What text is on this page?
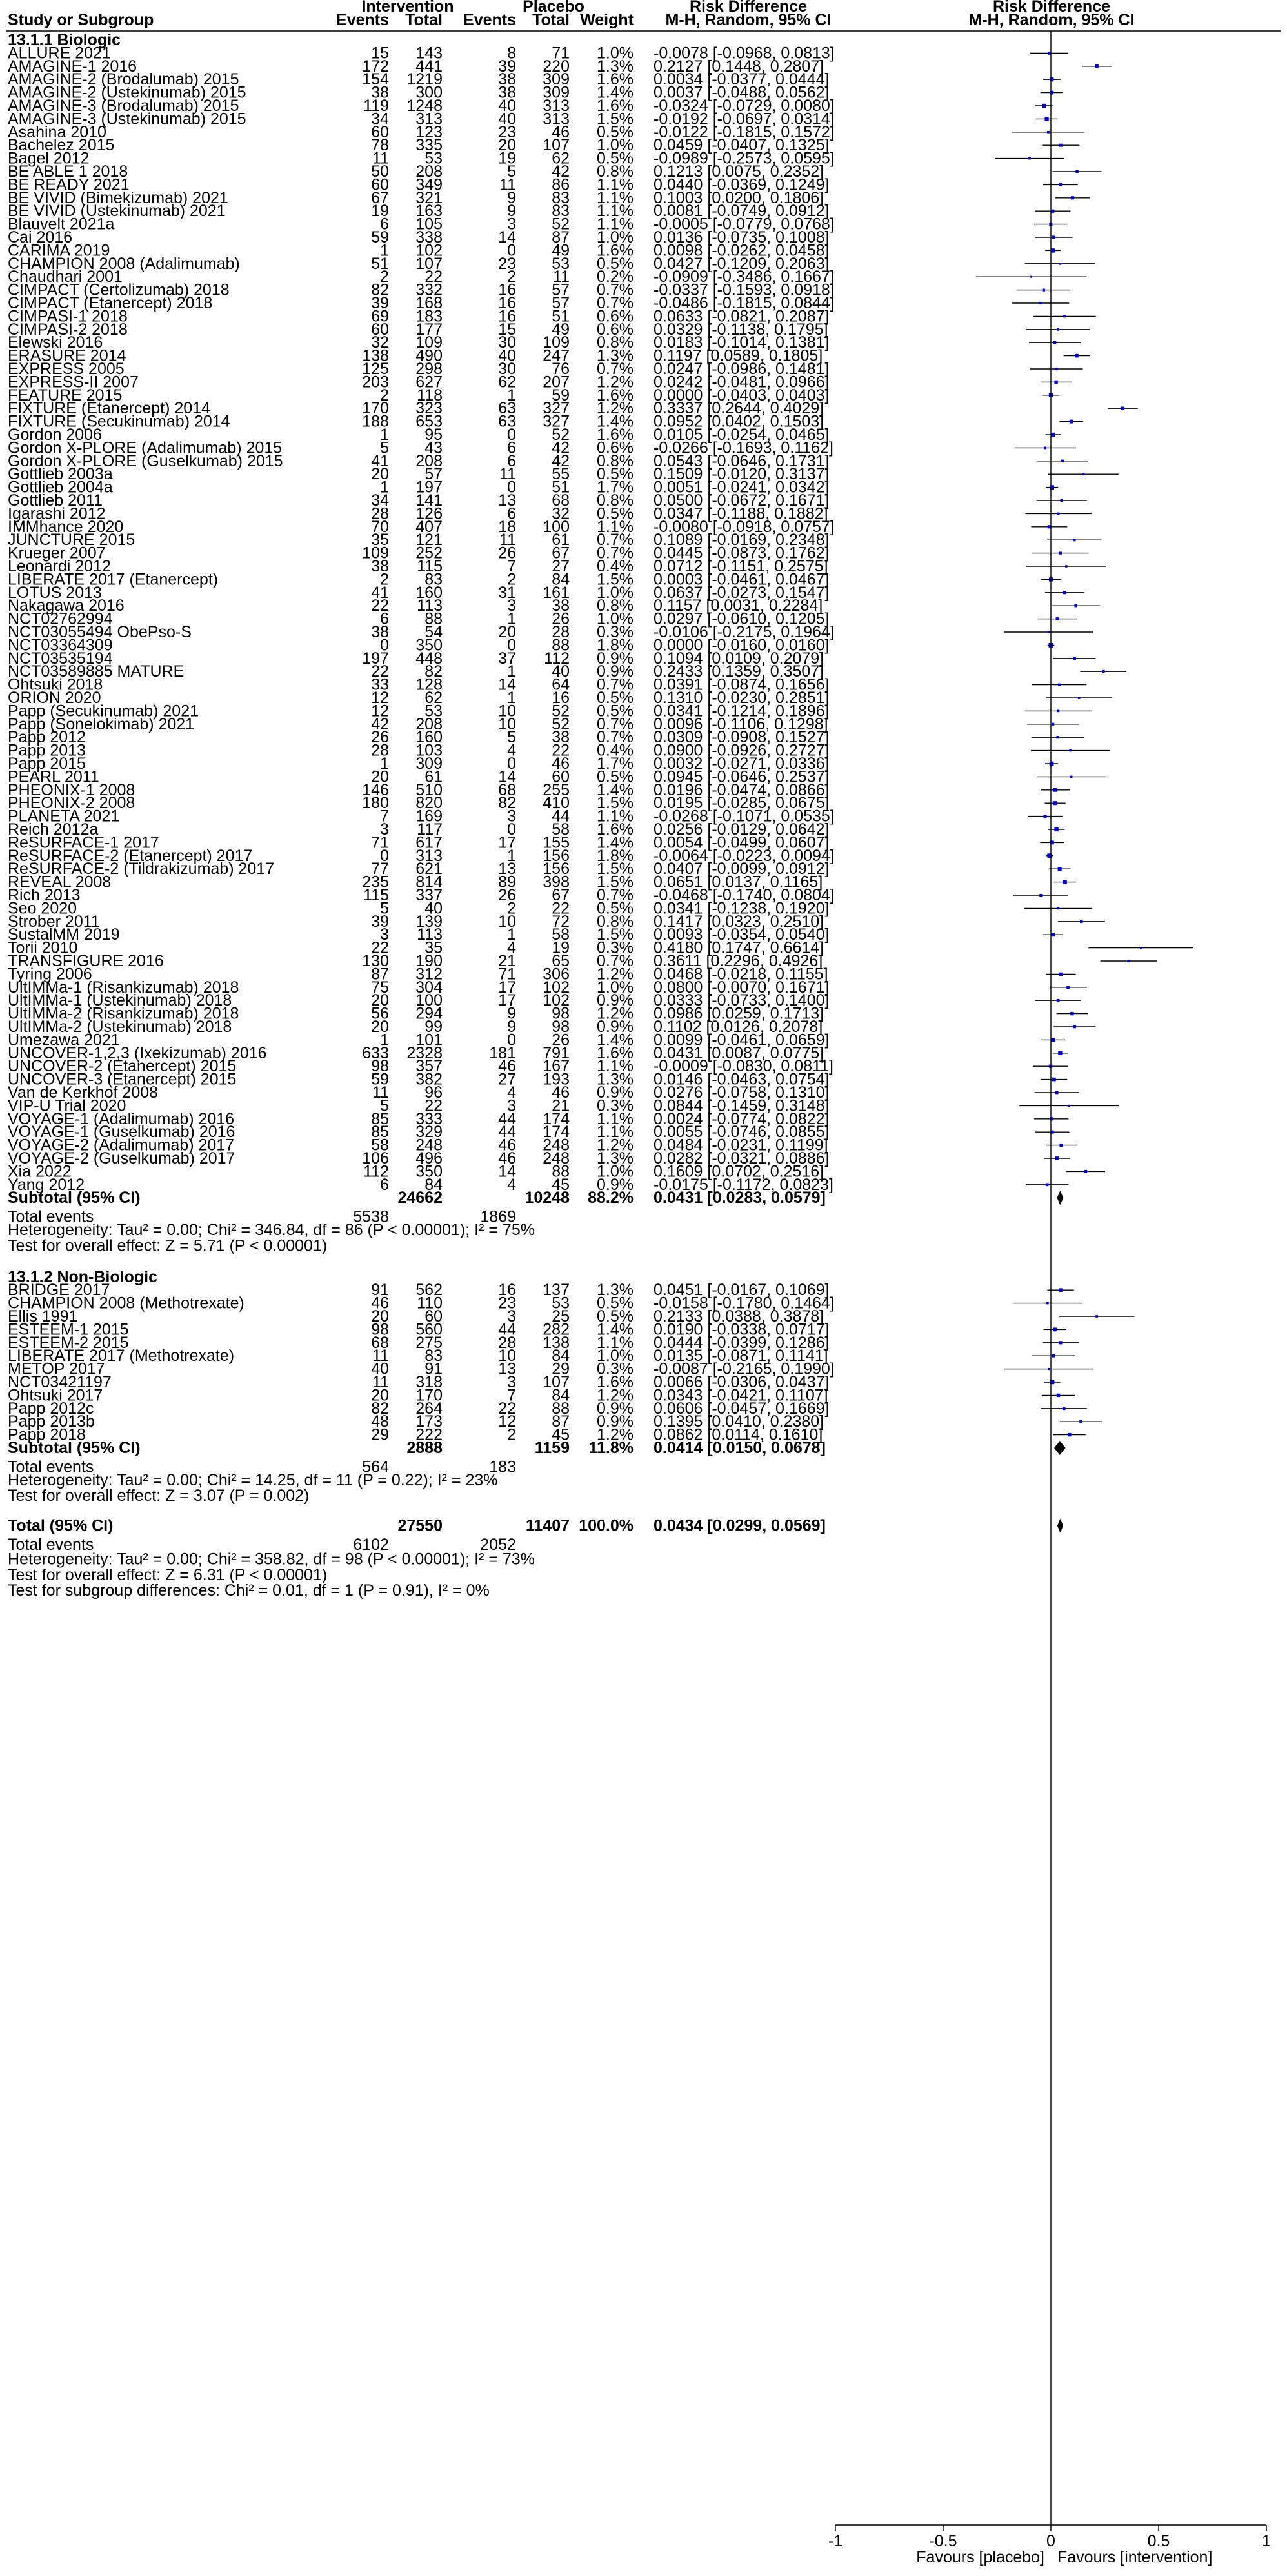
Study or Subgroup
Intervention	Placebo
Events Total Events Total Weight
Risk Difference
M-H, Random, 95% CI
Risk Difference
M-H, Random, 95% CI
13.1.1 Biologic
ALLURE 2021	15 143	8 71 1.0% -0.0078 [-0.0968, 0.0813]
AMAGINE-1 2016	172 441	39 220 1.3% 0.2127 [0.1448, 0.2807]
AMAGINE-2 (Brodalumab) 2015	154 1219	38 309 1.6% 0.0034 [-0.0377, 0.0444]
AMAGINE-2 (Ustekinumab) 2015	38 300	38 309 1.4% 0.0037 [-0.0488, 0.0562]
AMAGINE-3 (Brodalumab) 2015	119 1248	40 313 1.6% -0.0324 [-0.0729, 0.0080]
AMAGINE-3 (Ustekinumab) 2015	34 313	40 313 1.5% -0.0192 [-0.0697, 0.0314]
Asahina 2010	60 123	23 46 0.5% -0.0122 [-0.1815, 0.1572]
Bachelez 2015	78 335	20 107 1.0% 0.0459 [-0.0407, 0.1325]
Bagel 2012	11 53	19 62 0.5% -0.0989 [-0.2573, 0.0595]
BE ABLE 1 2018	50 208	5 42 0.8% 0.1213 [0.0075, 0.2352]
BE READY 2021	60 349	11 86 1.1% 0.0440 [-0.0369, 0.1249]
BE VIVID (Bimekizumab) 2021	67 321	9 83 1.1% 0.1003 [0.0200, 0.1806]
BE VIVID (Ustekinumab) 2021	19 163	9 83 1.1% 0.0081 [-0.0749, 0.0912]
Blauvelt 2021a	6 105	3 52 1.1% -0.0005 [-0.0779, 0.0768]
Cai 2016	59 338	14 87 1.0% 0.0136 [-0.0735, 0.1008]
CARIMA 2019	1 102	0 49 1.6% 0.0098 [-0.0262, 0.0458]
CHAMPION 2008 (Adalimumab)	51 107	23 53 0.5% 0.0427 [-0.1209, 0.2063]
Chaudhari 2001	2 22	2 11 0.2% -0.0909 [-0.3486, 0.1667]
CIMPACT (Certolizumab) 2018	82 332	16 57 0.7% -0.0337 [-0.1593, 0.0918]
CIMPACT (Etanercept) 2018	39 168	16 57 0.7% -0.0486 [-0.1815, 0.0844]
CIMPASI-1 2018	69 183	16 51 0.6% 0.0633 [-0.0821, 0.2087]
CIMPASI-2 2018	60 177	15 49 0.6% 0.0329 [-0.1138, 0.1795]
Elewski 2016	32 109	30 109 0.8% 0.0183 [-0.1014, 0.1381]
ERASURE 2014	138 490	40 247 1.3% 0.1197 [0.0589, 0.1805]
EXPRESS 2005	125 298	30 76 0.7% 0.0247 [-0.0986, 0.1481]
EXPRESS-II 2007	203 627	62 207 1.2% 0.0242 [-0.0481, 0.0966]
FEATURE 2015	2 118	1 59 1.6% 0.0000 [-0.0403, 0.0403]
FIXTURE (Etanercept) 2014	170 323	63 327 1.2% 0.3337 [0.2644, 0.4029]
FIXTURE (Secukinumab) 2014	188 653	63 327 1.4% 0.0952 [0.0402, 0.1503]
Gordon 2006	1 95	0 52 1.6% 0.0105 [-0.0254, 0.0465]
Gordon X-PLORE (Adalimumab) 2015	5 43	6 42 0.6% -0.0266 [-0.1693, 0.1162]
Gordon X-PLORE (Guselkumab) 2015	41 208	6 42 0.8% 0.0543 [-0.0646, 0.1731]
Gottlieb 2003a	20 57	11 55 0.5% 0.1509 [-0.0120, 0.3137]
Gottlieb 2004a	1 197	0 51 1.7% 0.0051 [-0.0241, 0.0342]
Gottlieb 2011	34 141	13 68 0.8% 0.0500 [-0.0672, 0.1671]
Igarashi 2012	28 126	6 32 0.5% 0.0347 [-0.1188, 0.1882]
IMMhance 2020	70 407	18 100 1.1% -0.0080 [-0.0918, 0.0757]
JUNCTURE 2015	35 121	11 61 0.7% 0.1089 [-0.0169, 0.2348]
Krueger 2007	109 252	26 67 0.7% 0.0445 [-0.0873, 0.1762]
Leonardi 2012	38 115	7 27 0.4% 0.0712 [-0.1151, 0.2575]
LIBERATE 2017 (Etanercept)	2 83	2 84 1.5% 0.0003 [-0.0461, 0.0467]
LOTUS 2013	41 160	31 161 1.0% 0.0637 [-0.0273, 0.1547]
Nakagawa 2016	22 113	3 38 0.8% 0.1157 [0.0031, 0.2284]
NCT02762994	6 88	1 26 1.0% 0.0297 [-0.0610, 0.1205]
NCT03055494 ObePso-S	38 54	20 28 0.3% -0.0106 [-0.2175, 0.1964]
NCT03364309	0 350	0 88 1.8% 0.0000 [-0.0160, 0.0160]
NCT03535194	197 448	37 112 0.9% 0.1094 [0.0109, 0.2079]
NCT03589885 MATURE	22 82	1 40 0.9% 0.2433 [0.1359, 0.3507]
Ohtsuki 2018	33 128	14 64 0.7% 0.0391 [-0.0874, 0.1656]
ORION 2020	12 62	1 16 0.5% 0.1310 [-0.0230, 0.2851]
Papp (Secukinumab) 2021	12 53	10 52 0.5% 0.0341 [-0.1214, 0.1896]
Papp (Sonelokimab) 2021	42 208	10 52 0.7% 0.0096 [-0.1106, 0.1298]
Papp 2012	26 160	5 38 0.7% 0.0309 [-0.0908, 0.1527]
Papp 2013	28 103	4 22 0.4% 0.0900 [-0.0926, 0.2727]
Papp 2015	1 309	0 46 1.7% 0.0032 [-0.0271, 0.0336]
PEARL 2011	20 61	14 60 0.5% 0.0945 [-0.0646, 0.2537]
PHEONIX-1 2008	146 510	68 255 1.4% 0.0196 [-0.0474, 0.0866]
PHEONIX-2 2008	180 820	82 410 1.5% 0.0195 [-0.0285, 0.0675]
PLANETA 2021	7 169	3 44 1.1% -0.0268 [-0.1071, 0.0535]
Reich 2012a	3 117	0 58 1.6% 0.0256 [-0.0129, 0.0642]
ReSURFACE-1 2017	71 617	17 155 1.4% 0.0054 [-0.0499, 0.0607]
ReSURFACE-2 (Etanercept) 2017	0 313	1 156 1.8% -0.0064 [-0.0223, 0.0094]
ReSURFACE-2 (Tildrakizumab) 2017	77 621	13 156 1.5% 0.0407 [-0.0099, 0.0912]
REVEAL 2008	235 814	89 398 1.5% 0.0651 [0.0137, 0.1165]
Rich 2013	115 337	26 67 0.7% -0.0468 [-0.1740, 0.0804]
Seo 2020	5 40	2 22 0.5% 0.0341 [-0.1238, 0.1920]
Strober 2011	39 139	10 72 0.8% 0.1417 [0.0323, 0.2510]
SustalMM 2019	3 113	1 58 1.5% 0.0093 [-0.0354, 0.0540]
Torii 2010	22 35	4 19 0.3% 0.4180 [0.1747, 0.6614]
TRANSFIGURE 2016	130 190	21 65 0.7% 0.3611 [0.2296, 0.4926]
Tyring 2006	87 312	71 306 1.2% 0.0468 [-0.0218, 0.1155]
UltIMMa-1 (Risankizumab) 2018	75 304	17 102 1.0% 0.0800 [-0.0070, 0.1671]
UltIMMa-1 (Ustekinumab) 2018	20 100	17 102 0.9% 0.0333 [-0.0733, 0.1400]
UltIMMa-2 (Risankizumab) 2018	56 294	9 98 1.2% 0.0986 [0.0259, 0.1713]
UltIMMa-2 (Ustekinumab) 2018	20 99	9 98 0.9% 0.1102 [0.0126, 0.2078]
Umezawa 2021	1 101	0 26 1.4% 0.0099 [-0.0461, 0.0659]
UNCOVER-1,2,3 (Ixekizumab) 2016	633 2328	181 791 1.6% 0.0431 [0.0087, 0.0775]
UNCOVER-2 (Etanercept) 2015	98 357	46 167 1.1% -0.0009 [-0.0830, 0.0811]
UNCOVER-3 (Etanercept) 2015	59 382	27 193 1.3% 0.0146 [-0.0463, 0.0754]
Van de Kerkhof 2008	11 96	4 46 0.9% 0.0276 [-0.0758, 0.1310]
VIP-U Trial 2020	5 22	3 21 0.3% 0.0844 [-0.1459, 0.3148]
VOYAGE-1 (Adalimumab) 2016	85 333	44 174 1.1% 0.0024 [-0.0774, 0.0822]
VOYAGE-1 (Guselkumab) 2016	85 329	44 174 1.1% 0.0055 [-0.0746, 0.0855]
VOYAGE-2 (Adalimumab) 2017	58 248	46 248 1.2% 0.0484 [-0.0231, 0.1199]
VOYAGE-2 (Guselkumab) 2017	106 496	46 248 1.3% 0.0282 [-0.0321, 0.0886]
Xia 2022	112 350	14 88 1.0% 0.1609 [0.0702, 0.2516]
Yang 2012	6 84	4 45 0.9% -0.0175 [-0.1172, 0.0823]
Subtotal (95% CI)	24662	10248 88.2% 0.0431 [0.0283, 0.0579]
Total events	5538	1869
Heterogeneity: Tau² = 0.00; Chi² = 346.84, df = 86 (P < 0.00001); I² = 75%
Test for overall effect: Z = 5.71 (P < 0.00001)
13.1.2 Non-Biologic
BRIDGE 2017	91 562	16 137 1.3% 0.0451 [-0.0167, 0.1069]
CHAMPION 2008 (Methotrexate)	46 110	23 53 0.5% -0.0158 [-0.1780, 0.1464]
Ellis 1991	20 60	3 25 0.5% 0.2133 [0.0388, 0.3878]
ESTEEM-1 2015	98 560	44 282 1.4% 0.0190 [-0.0338, 0.0717]
ESTEEM-2 2015	68 275	28 138 1.1% 0.0444 [-0.0399, 0.1286]
LIBERATE 2017 (Methotrexate)	11 83	10 84 1.0% 0.0135 [-0.0871, 0.1141]
METOP 2017	40 91	13 29 0.3% -0.0087 [-0.2165, 0.1990]
NCT03421197	11 318	3 107 1.6% 0.0066 [-0.0306, 0.0437]
Ohtsuki 2017	20 170	7 84 1.2% 0.0343 [-0.0421, 0.1107]
Papp 2012c	82 264	22 88 0.9% 0.0606 [-0.0457, 0.1669]
Papp 2013b	48 173	12 87 0.9% 0.1395 [0.0410, 0.2380]
Papp 2018	29 222	2 45 1.2% 0.0862 [0.0114, 0.1610]
Subtotal (95% CI)	2888	1159 11.8% 0.0414 [0.0150, 0.0678]
Total events	564	183
Heterogeneity: Tau² = 0.00; Chi² = 14.25, df = 11 (P = 0.22); I² = 23%
Test for overall effect: Z = 3.07 (P = 0.002)
Total (95% CI)	27550	11407 100.0% 0.0434 [0.0299, 0.0569]
Total events	6102	2052
Heterogeneity: Tau² = 0.00; Chi² = 358.82, df = 98 (P < 0.00001); I² = 73%
Test for overall effect: Z = 6.31 (P < 0.00001)
Test for subgroup differences: Chi² = 0.01, df = 1 (P = 0.91), I² = 0%
-1	-0.5	0	0.5	1
Favours [placebo] Favours [intervention]
